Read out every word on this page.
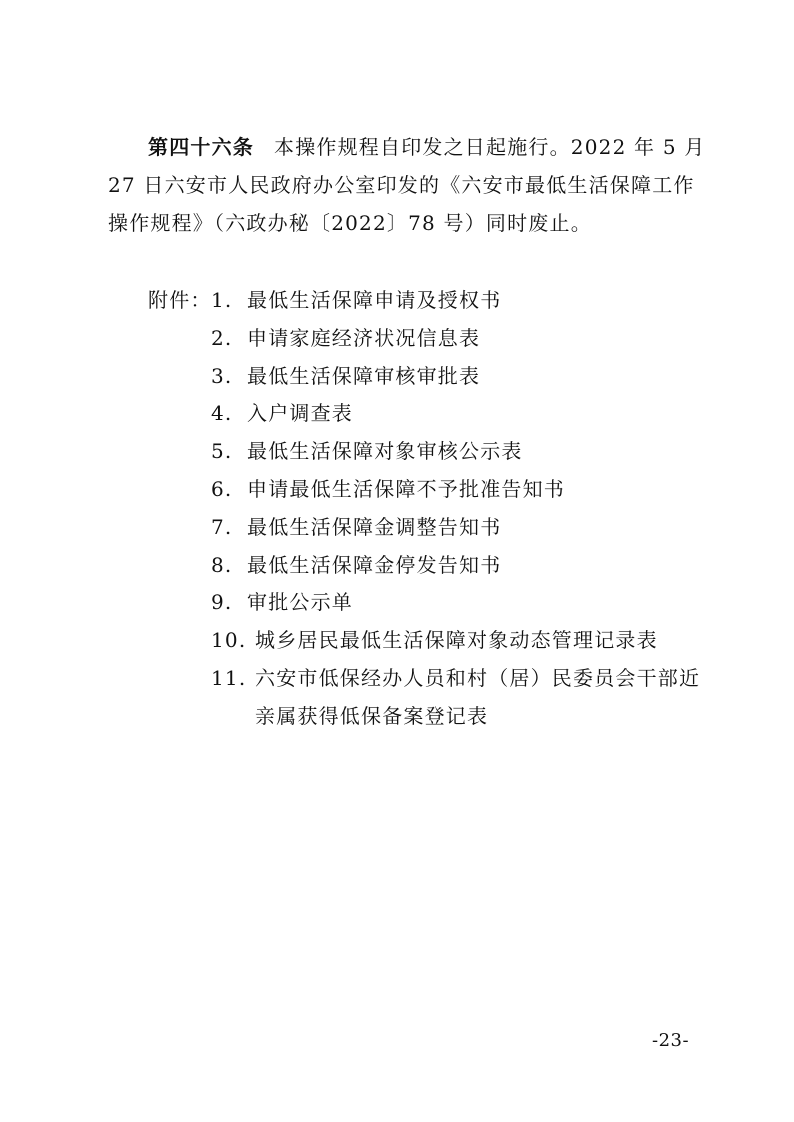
第四十六条 本操作规程自印发之日起施行。2022 年 5 月
27 日六安市人民政府办公室印发的《六安市最低生活保障工作
操作规程》（六政办秘〔2022〕78 号）同时废止。
附件： 1. 最低生活保障申请及授权书
2. 申请家庭经济状况信息表
3. 最低生活保障审核审批表
4. 入户调查表
5. 最低生活保障对象审核公示表
6. 申请最低生活保障不予批准告知书
7. 最低生活保障金调整告知书
8. 最低生活保障金停发告知书
9. 审批公示单
10. 城乡居民最低生活保障对象动态管理记录表
11. 六安市低保经办人员和村（居）民委员会干部近
亲属获得低保备案登记表
-23-
